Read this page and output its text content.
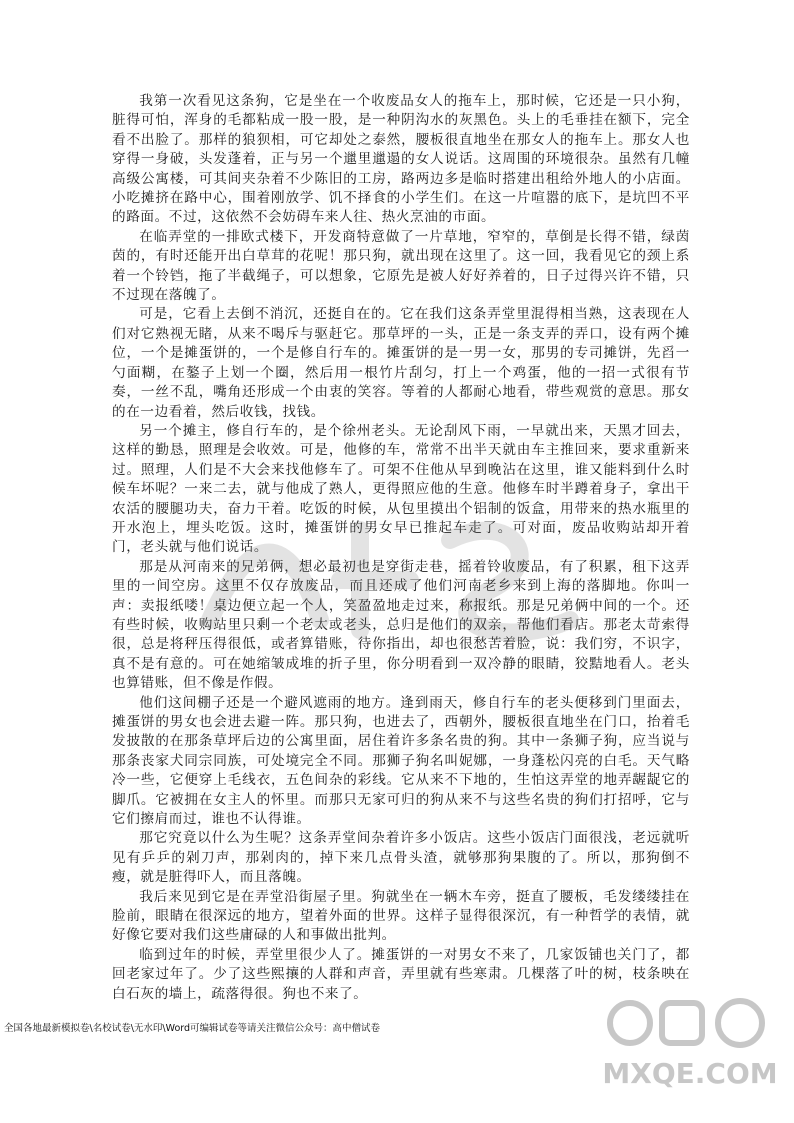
我第一次看见这条狗，它是坐在一个收废品女人的拖车上，那时候，它还是一只小狗，脏得可怕，浑身的毛都粘成一股一股，是一种阴沟水的灰黑色。头上的毛垂挂在额下，完全看不出脸了。那样的狼狈相，可它却处之泰然，腰板很直地坐在那女人的拖车上。那女人也穿得一身破，头发蓬着，正与另一个邋里邋遢的女人说话。这周围的环境很杂。虽然有几幢高级公寓楼，可其间夹杂着不少陈旧的工房，路两边多是临时搭建出租给外地人的小店面。小吃摊挤在路中心，围着刚放学、饥不择食的小学生们。在这一片喧嚣的底下，是坑凹不平的路面。不过，这依然不会妨碍车来人往、热火烹油的市面。

在临弄堂的一排欧式楼下，开发商特意做了一片草地，窄窄的，草倒是长得不错，绿茵茵的，有时还能开出白草茸的花呢！那只狗，就出现在这里了。这一回，我看见它的颈上系着一个铃铛，拖了半截绳子，可以想象，它原先是被人好好养着的，日子过得兴许不错，只不过现在落魄了。

可是，它看上去倒不消沉，还挺自在的。它在我们这条弄堂里混得相当熟，这表现在人们对它熟视无睹，从来不喝斥与驱赶它。那草坪的一头，正是一条支弄的弄口，设有两个摊位，一个是摊蛋饼的，一个是修自行车的。摊蛋饼的是一男一女，那男的专司摊饼，先舀一勺面糊，在鏊子上划一个圈，然后用一根竹片刮匀，打上一个鸡蛋，他的一招一式很有节奏，一丝不乱，嘴角还形成一个由衷的笑容。等着的人都耐心地看，带些观赏的意思。那女的在一边看着，然后收钱，找钱。

另一个摊主，修自行车的，是个徐州老头。无论刮风下雨，一早就出来，天黑才回去，这样的勤恳，照理是会收效。可是，他修的车，常常不出半天就由车主推回来，要求重新来过。照理，人们是不大会来找他修车了。可架不住他从早到晚沾在这里，谁又能料到什么时候车坏呢？一来二去，就与他成了熟人，更得照应他的生意。他修车时半蹲着身子，拿出干农活的腰腿功夫，奋力干着。吃饭的时候，从包里摸出个铝制的饭盒，用带来的热水瓶里的开水泡上，埋头吃饭。这时，摊蛋饼的男女早已推起车走了。可对面，废品收购站却开着门，老头就与他们说话。

那是从河南来的兄弟俩，想必最初也是穿街走巷，摇着铃收废品，有了积累，租下这弄里的一间空房。这里不仅存放废品，而且还成了他们河南老乡来到上海的落脚地。你叫一声：卖报纸喽！桌边便立起一个人，笑盈盈地走过来，称报纸。那是兄弟俩中间的一个。还有些时候，收购站里只剩一个老太或老头，总归是他们的双亲，帮他们看店。那老太苛索得很，总是将秤压得很低，或者算错账，待你指出，却也很愁苦着脸，说：我们穷，不识字，真不是有意的。可在她缩皱成堆的折子里，你分明看到一双冷静的眼睛，狡黠地看人。老头也算错账，但不像是作假。

他们这间棚子还是一个避风遮雨的地方。逢到雨天，修自行车的老头便移到门里面去，摊蛋饼的男女也会进去避一阵。那只狗，也进去了，西朝外，腰板很直地坐在门口，抬着毛发披散的在那条草坪后边的公寓里面，居住着许多条名贵的狗。其中一条狮子狗，应当说与那条丧家犬同宗同族，可处境完全不同。那狮子狗名叫妮娜，一身蓬松闪亮的白毛。天气略冷一些，它便穿上毛线衣，五色间杂的彩线。它从来不下地的，生怕这弄堂的地弄龌龊它的脚爪。它被拥在女主人的怀里。而那只无家可归的狗从来不与这些名贵的狗们打招呼，它与它们擦肩而过，谁也不认得谁。

那它究竟以什么为生呢？这条弄堂间杂着许多小饭店。这些小饭店门面很浅，老远就听见有乒乒的剁刀声，那剁肉的，掉下来几点骨头渣，就够那狗果腹的了。所以，那狗倒不瘦，就是脏得吓人，而且落魄。

我后来见到它是在弄堂沿街屋子里。狗就坐在一辆木车旁，挺直了腰板，毛发缕缕挂在脸前，眼睛在很深远的地方，望着外面的世界。这样子显得很深沉，有一种哲学的表情，就好像它要对我们这些庸碌的人和事做出批判。

临到过年的时候，弄堂里很少人了。摊蛋饼的一对男女不来了，几家饭铺也关门了，都回老家过年了。少了这些熙攘的人群和声音，弄里就有些寒肃。几棵落了叶的树，枝条映在白石灰的墙上，疏落得很。狗也不来了。

全国各地最新模拟卷\名校试卷\无水印\Word可编辑试卷等请关注微信公众号：高中僧试卷
MXQE.COM
